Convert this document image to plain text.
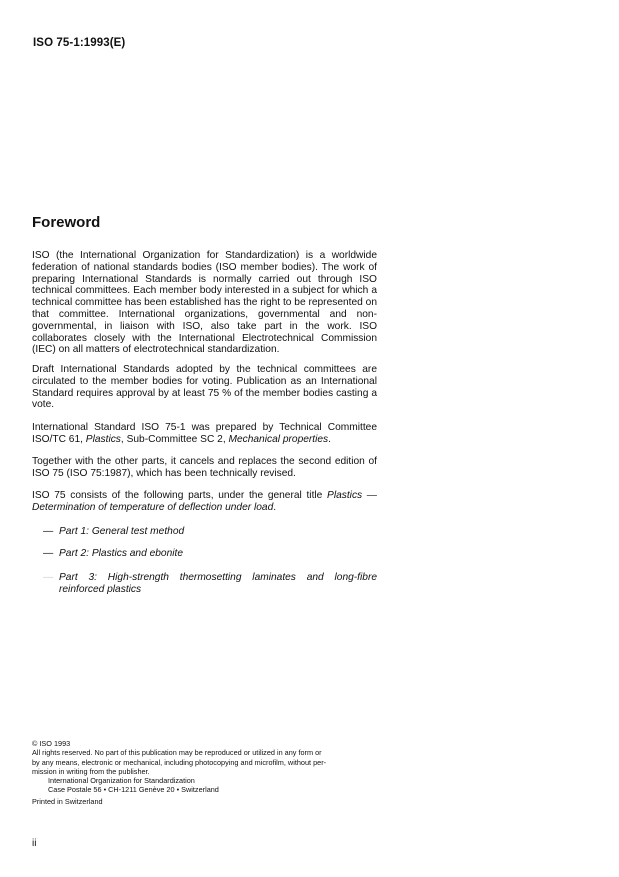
ISO 75-1:1993(E)
Foreword

ISO (the International Organization for Standardization) is a worldwide federation of national standards bodies (ISO member bodies). The work of preparing International Standards is normally carried out through ISO technical committees. Each member body interested in a subject for which a technical committee has been established has the right to be represented on that committee. International organizations, governmental and non-governmental, in liaison with ISO, also take part in the work. ISO collaborates closely with the International Electrotechnical Commission (IEC) on all matters of electrotechnical standardization.

Draft International Standards adopted by the technical committees are circulated to the member bodies for voting. Publication as an International Standard requires approval by at least 75 % of the member bodies casting a vote.

International Standard ISO 75-1 was prepared by Technical Committee ISO/TC 61, Plastics, Sub-Committee SC 2, Mechanical properties.

Together with the other parts, it cancels and replaces the second edition of ISO 75 (ISO 75:1987), which has been technically revised.

ISO 75 consists of the following parts, under the general title Plastics — Determination of temperature of deflection under load.

— Part 1: General test method
— Part 2: Plastics and ebonite
— Part 3: High-strength thermosetting laminates and long-fibre reinforced plastics
© ISO 1993
All rights reserved. No part of this publication may be reproduced or utilized in any form or
by any means, electronic or mechanical, including photocopying and microfilm, without per-
mission in writing from the publisher.
International Organization for Standardization
Case Postale 56 • CH-1211 Genève 20 • Switzerland
Printed in Switzerland
ii
